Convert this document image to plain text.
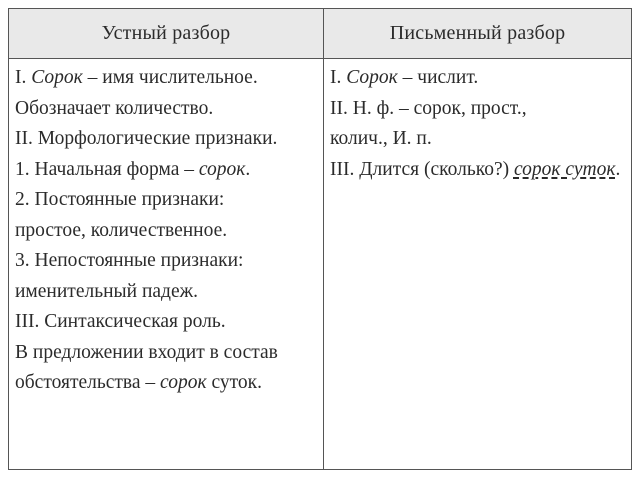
Устный разбор	Письменный разбор
I. Сорок – имя числительное.
Обозначает количество.
II. Морфологические признаки.
1. Начальная форма – сорок.
2. Постоянные признаки:
простое, количественное.
3. Непостоянные признаки:
именительный падеж.
III. Синтаксическая роль.
В предложении входит в состав
обстоятельства – сорок суток.
I. Сорок – числит.
II. Н. ф. – сорок, прост.,
колич., И. п.
III. Длится (сколько?) сорок суток.
